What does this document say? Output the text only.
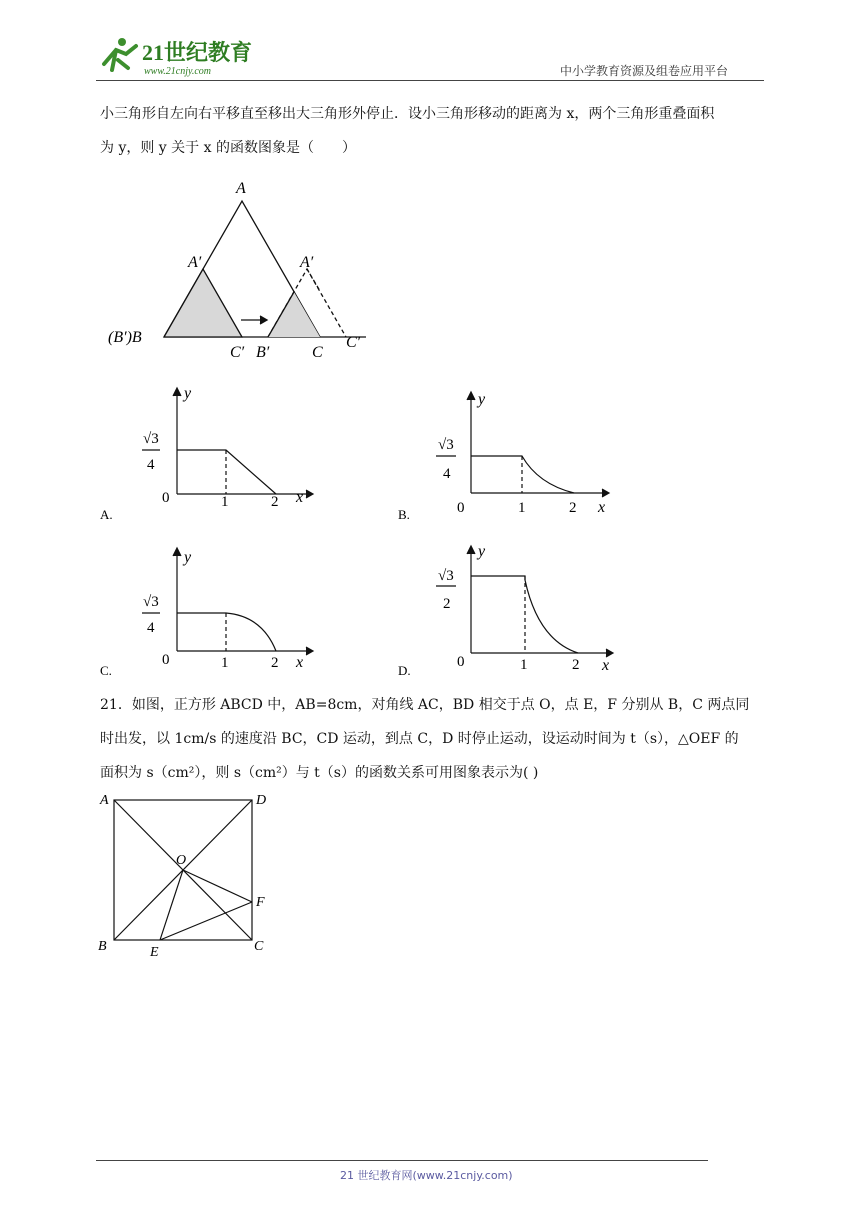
21世纪教育
www.21cnjy.com	中小学教育资源及组卷应用平台

小三角形自左向右平移直至移出大三角形外停止．设小三角形移动的距离为 x，两个三角形重叠面积

为 y，则 y 关于 x 的函数图象是（　　）

A
A′	A′
(B′)B
C′ B′	C
C′
y
x
0	1	2
√3
4
A.
y
x
0	1	2
√3
4
B.
y
x
0	1	2
√3
4
C.
y
x
0	1	2
√3
2
D.

21．如图，正方形 ABCD 中，AB=8cm，对角线 AC，BD 相交于点 O，点 E，F 分别从 B，C 两点同

时出发，以 1cm/s 的速度沿 BC，CD 运动，到点 C，D 时停止运动，设运动时间为 t（s），△OEF 的

面积为 s（cm²），则 s（cm²）与 t（s）的函数关系可用图象表示为( )

A	D
O
F
B	E	C
21 世纪教育网(www.21cnjy.com)
